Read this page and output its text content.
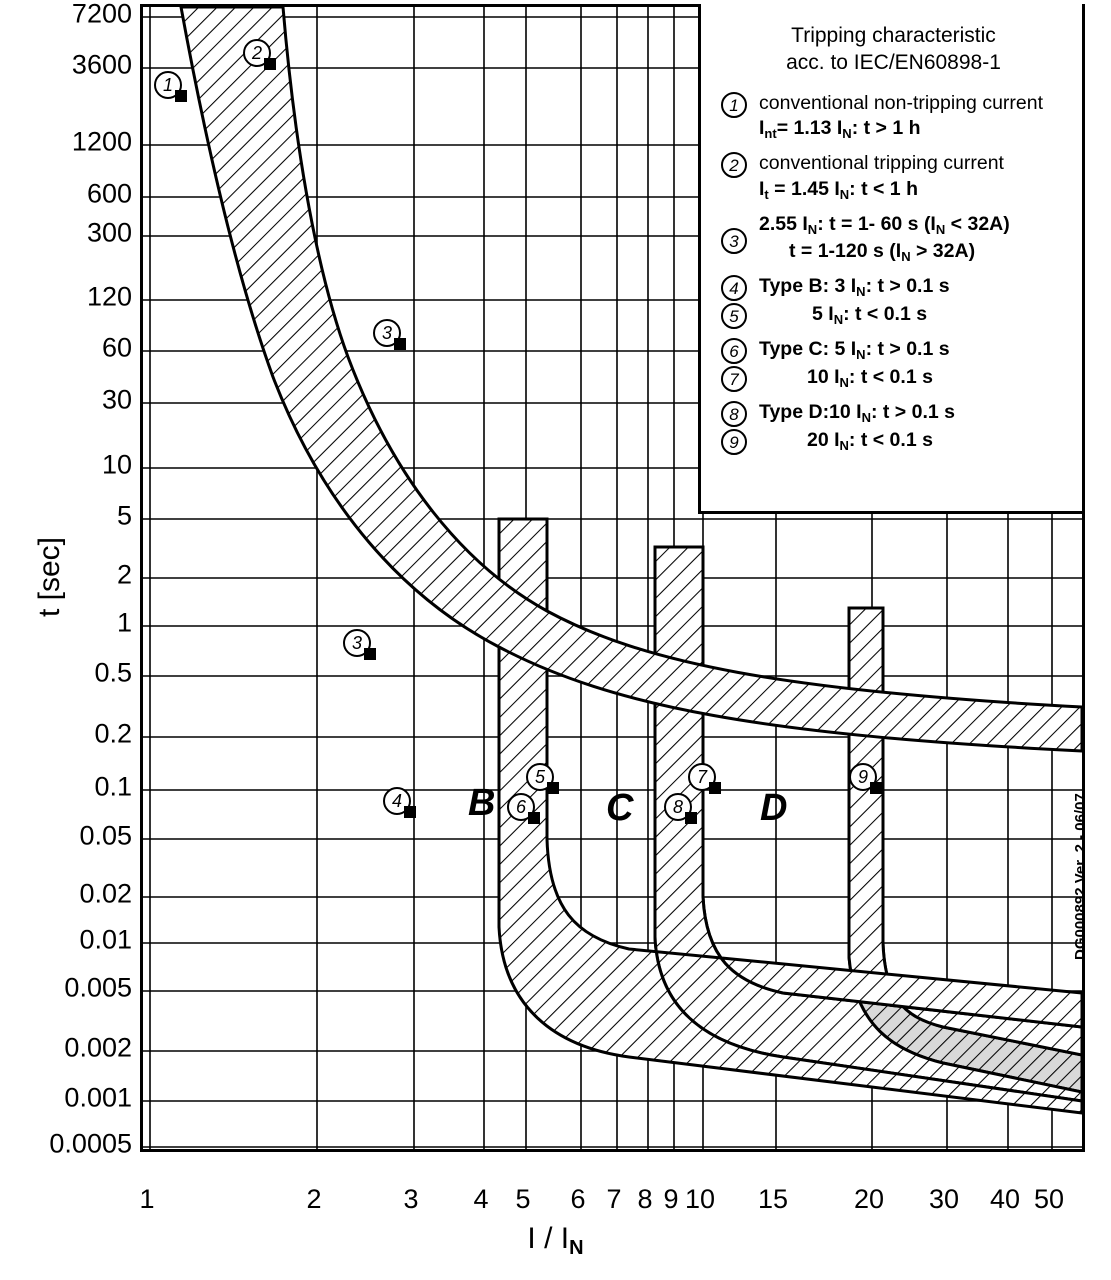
t [sec]
7200
3600
1200
600
300
120
60
30
10
5
2
1
0.5
0.2
0.1
0.05
0.02
0.01
0.005
0.002
0.001
0.0005
1	2	3 4 5 6 7 8 9 10 15 20 30 40 50
I / $I_N$
B	C	D
1
2
3
3
4
5
6
7
8
9
Tripping characteristic
acc. to IEC/EN60898-1
1	conventional non-tripping current
$I_{nt}= 1.13$ $I_N$: t > 1 h
2	conventional tripping current
$I_t = 1.45$ $I_N$: t < 1 h
3
2.55 $I_N$: t = 1- 60 s $(I_N < 32A)$
t = 1-120 s $(I_N > 32A)$
4	Type B: 3 $I_N$: t > 0.1 s
5	5 $I_N$: t < 0.1 s
6	Type C: 5 $I_N$: t > 0.1 s
7	10 $I_N$: t < 0.1 s
8	Type D:10 $I_N$: t > 0.1 s
9	20 $I_N$: t < 0.1 s
DG000892 Ver. 2 - 06/07
